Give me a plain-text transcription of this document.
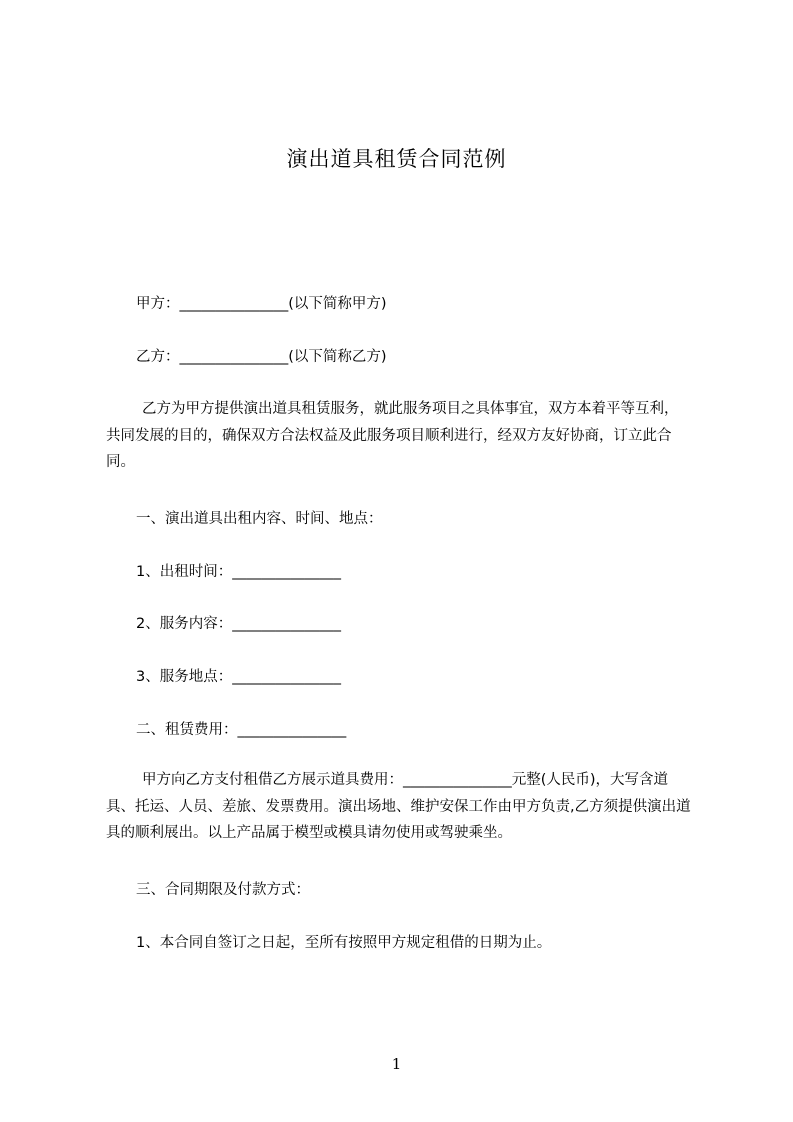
演出道具租赁合同范例
甲方：_______________(以下简称甲方)
乙方：_______________(以下简称乙方)
乙方为甲方提供演出道具租赁服务，就此服务项目之具体事宜，双方本着平等互利，共同发展的目的，确保双方合法权益及此服务项目顺利进行，经双方友好协商，订立此合同。
一、演出道具出租内容、时间、地点：
1、出租时间：_______________
2、服务内容：_______________
3、服务地点：_______________
二、租赁费用：_______________
甲方向乙方支付租借乙方展示道具费用：_______________元整(人民币)，大写含道具、托运、人员、差旅、发票费用。演出场地、维护安保工作由甲方负责,乙方须提供演出道具的顺利展出。以上产品属于模型或模具请勿使用或驾驶乘坐。
三、合同期限及付款方式：
1、本合同自签订之日起，至所有按照甲方规定租借的日期为止。
1
